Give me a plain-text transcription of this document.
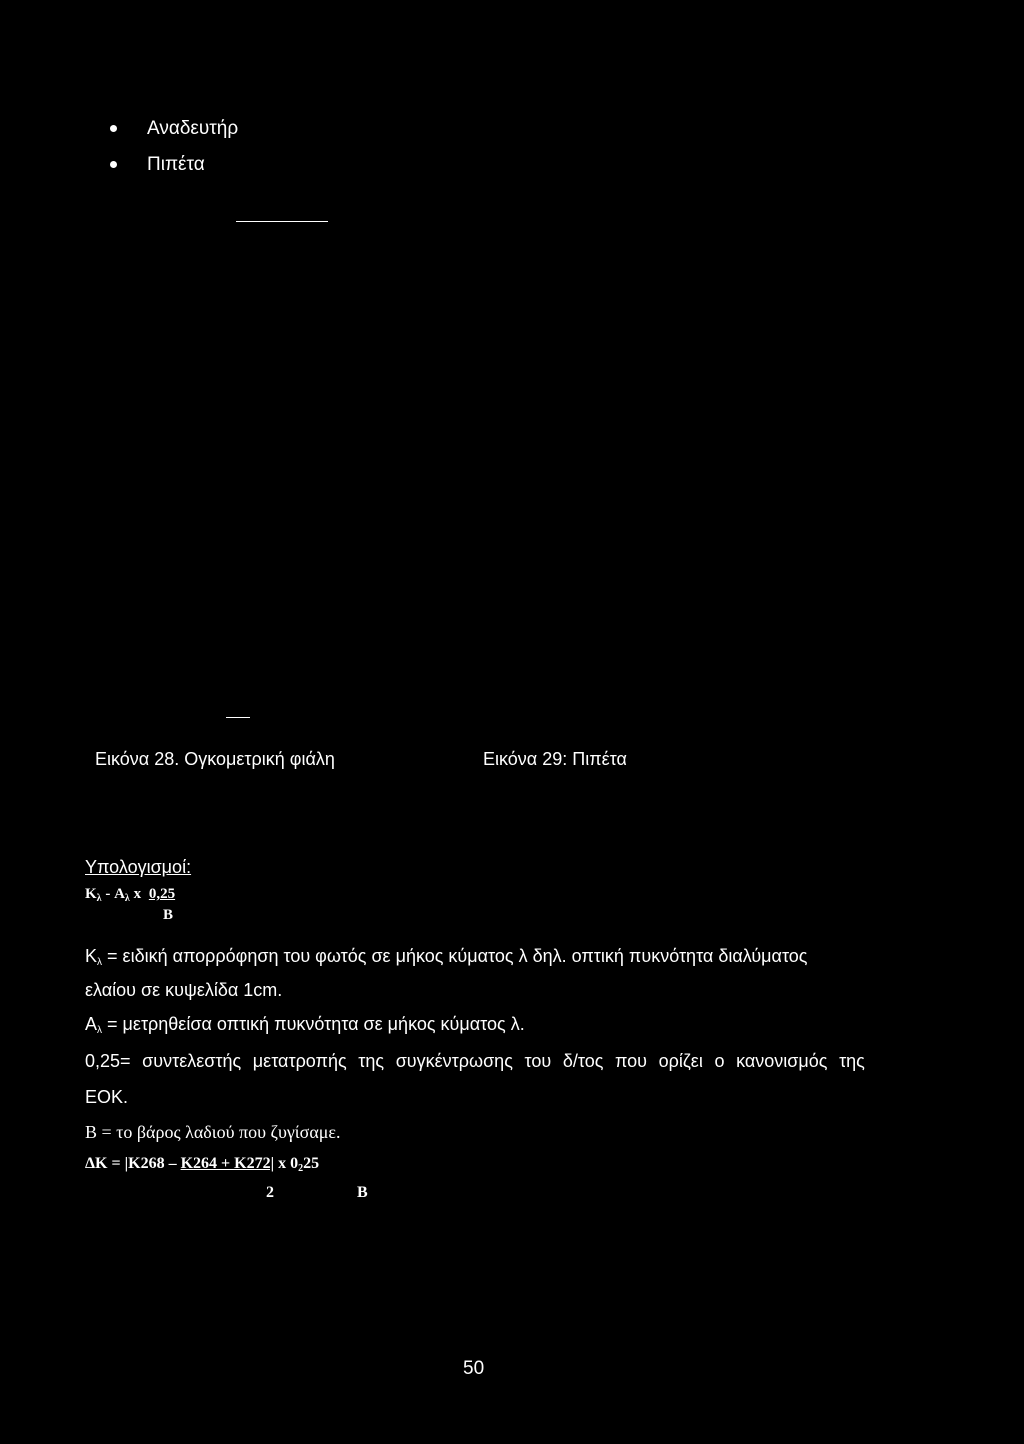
Αναδευτήρ
Πιπέτα
Εικόνα 28. Ογκομετρική φιάλη	Εικόνα 29: Πιπέτα
Υπολογισμοί:
$K_\lambda - A_\lambda$ x 0,25
B
$K_\lambda = \varepsilon\iota\delta\iota\kappa ή$ απορρόφηση του φωτός σε μήκος κύματος λ δηλ. οπτική πυκνότητα διαλύματος
ελαίου σε κυψελίδα 1cm.
$A_\lambda = \mu\varepsilon\tau\rho\eta\theta\varepsilon ί\sigma\alpha$ οπτική πυκνότητα σε μήκος κύματος λ.
0,25= συντελεστής μετατροπής της συγκέντρωσης του δ/τος που ορίζει ο κανονισμός της
ΕΟΚ.
B = το βάρος λαδιού που ζυγίσαμε.
ΔΚ = |K268 – K264 + K272| x $0_225$
2	B
50
